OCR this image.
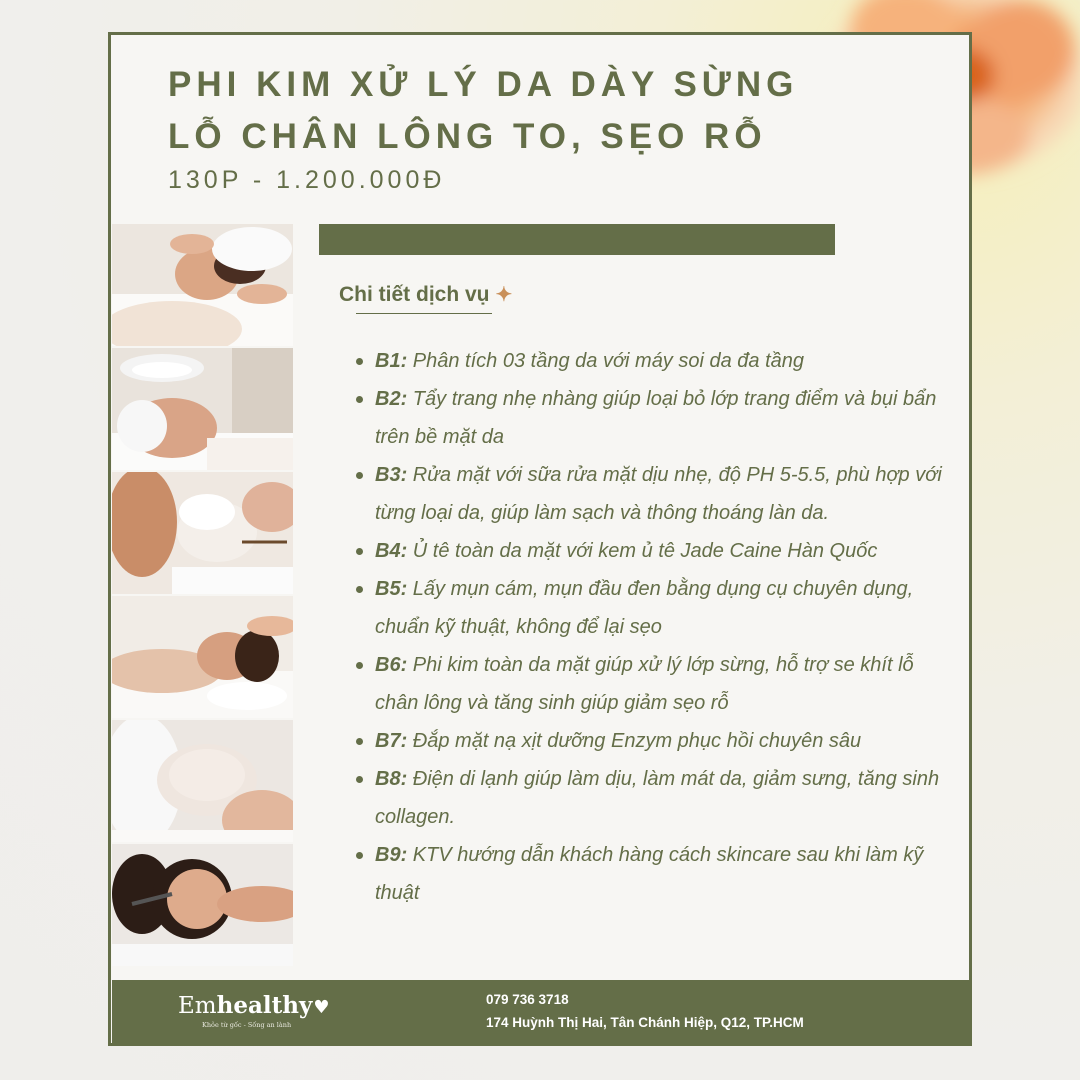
PHI KIM XỬ LÝ DA DÀY SỪNG
LỖ CHÂN LÔNG TO, SẸO RỖ
130P - 1.200.000Đ
Chi tiết dịch vụ ✦
B1: Phân tích 03 tầng da với máy soi da đa tầng
B2: Tẩy trang nhẹ nhàng giúp loại bỏ lớp trang điểm và bụi bẩn trên bề mặt da
B3: Rửa mặt với sữa rửa mặt dịu nhẹ, độ PH 5-5.5, phù hợp với từng loại da, giúp làm sạch và thông thoáng làn da.
B4: Ủ tê toàn da mặt với kem ủ tê Jade Caine Hàn Quốc
B5: Lấy mụn cám, mụn đầu đen bằng dụng cụ chuyên dụng, chuẩn kỹ thuật, không để lại sẹo
B6: Phi kim toàn da mặt giúp xử lý lớp sừng, hỗ trợ se khít lỗ chân lông và tăng sinh giúp giảm sẹo rỗ
B7: Đắp mặt nạ xịt dưỡng Enzym phục hồi chuyên sâu
B8: Điện di lạnh giúp làm dịu, làm mát da, giảm sưng, tăng sinh collagen.
B9: KTV hướng dẫn khách hàng cách skincare sau khi làm kỹ thuật
Emhealthy♥
Khỏe từ gốc - Sống an lành
079 736 3718
174 Huỳnh Thị Hai, Tân Chánh Hiệp, Q12, TP.HCM
